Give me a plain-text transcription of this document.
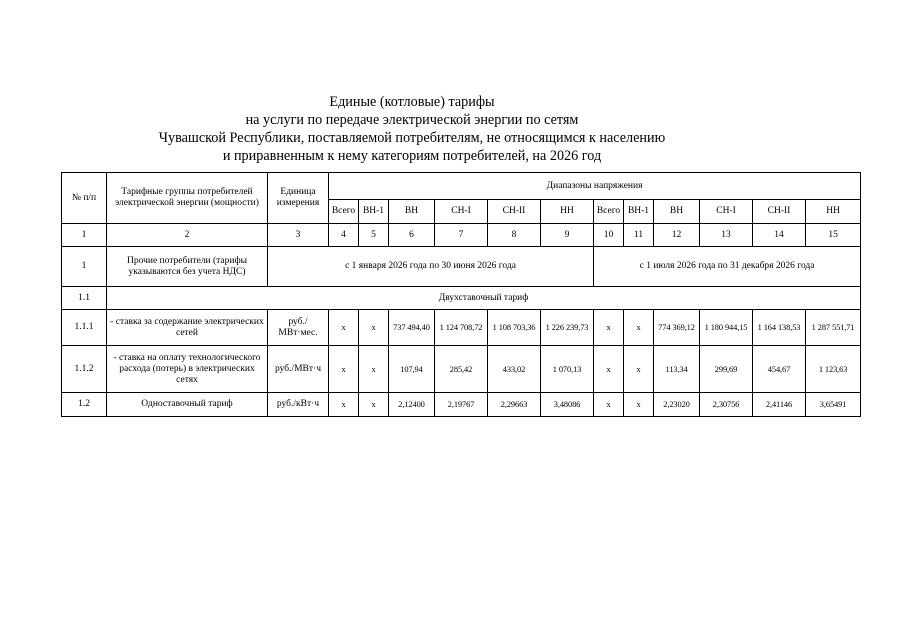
Единые (котловые) тарифы
на услуги по передаче электрической энергии по сетям
Чувашской Республики, поставляемой потребителям, не относящимся к населению
и приравненным к нему категориям потребителей, на 2026 год
№ п/п	Тарифные группы потребителей электрической энергии (мощности)	Единица измерения	Диапазоны напряжения											
			Всего	ВН-1	ВН	СН-I	СН-II	НН	Всего	ВН-1	ВН	СН-I	СН-II	НН
1	2	3	4	5	6	7	8	9	10	11	12	13	14	15
1	Прочие потребители (тарифы указываются без учета НДС)	с 1 января 2026 года по 30 июня 2026 года							с 1 июля 2026 года по 31 декабря 2026 года					
1.1	Двухставочный тариф													
1.1.1	- ставка за содержание электрических сетей	руб./МВт·мес.	х	х	737 494,40	1 124 708,72	1 108 703,36	1 226 239,73	х	х	774 369,12	1 180 944,15	1 164 138,53	1 287 551,71
1.1.2	- ставка на оплату технологического расхода (потерь) в электрических сетях	руб./МВт·ч	х	х	107,94	285,42	433,02	1 070,13	х	х	113,34	299,69	454,67	1 123,63
1.2	Одноставочный тариф	руб./кВт·ч	х	х	2,12400	2,19767	2,29663	3,48086	х	х	2,23020	2,30756	2,41146	3,65491
